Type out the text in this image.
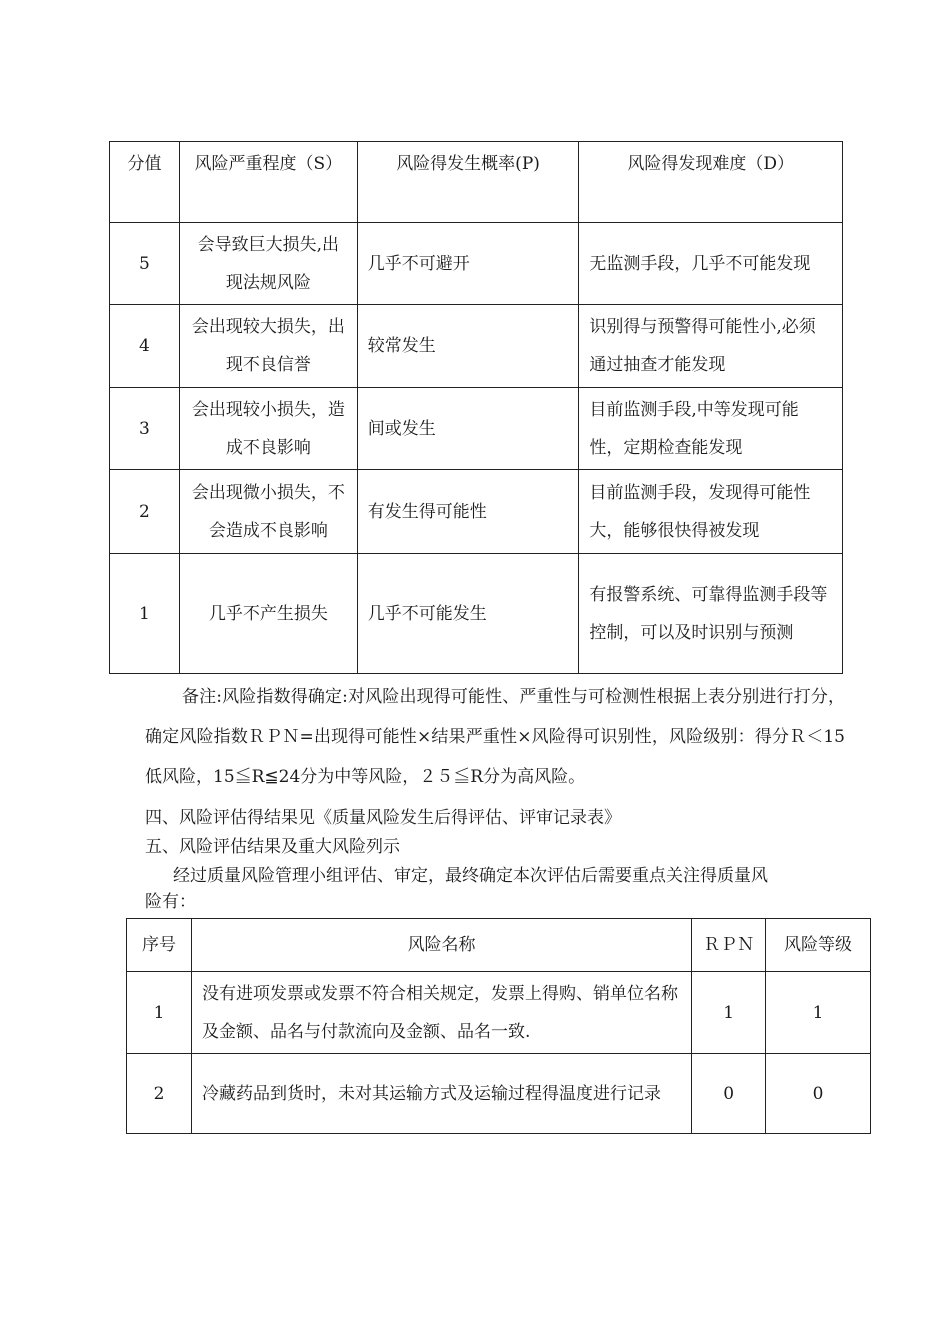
分值	风险严重程度（S）	风险得发生概率(P)	风险得发现难度（D）
5	会导致巨大损失,出现法规风险	几乎不可避开	无监测手段，几乎不可能发现
4	会出现较大损失，出现不良信誉	较常发生	识别得与预警得可能性小,必须通过抽查才能发现
3	会出现较小损失，造成不良影响	间或发生	目前监测手段,中等发现可能性，定期检查能发现
2	会出现微小损失，不会造成不良影响	有发生得可能性	目前监测手段，发现得可能性大，能够很快得被发现
1	几乎不产生损失	几乎不可能发生	有报警系统、可靠得监测手段等控制，可以及时识别与预测

备注:风险指数得确定:对风险出现得可能性、严重性与可检测性根据上表分别进行打分，确定风险指数ＲＰＮ=出现得可能性×结果严重性×风险得可识别性，风险级别：得分Ｒ＜15低风险，15≦R≦24分为中等风险，２５≦R分为高风险。

四、风险评估得结果见《质量风险发生后得评估、评审记录表》

五、风险评估结果及重大风险列示

经过质量风险管理小组评估、审定，最终确定本次评估后需要重点关注得质量风

险有：

序号	风险名称	ＲＰＮ	风险等级
1	没有进项发票或发票不符合相关规定，发票上得购、销单位名称及金额、品名与付款流向及金额、品名一致.	1	1
2	冷藏药品到货时，未对其运输方式及运输过程得温度进行记录	0	0
